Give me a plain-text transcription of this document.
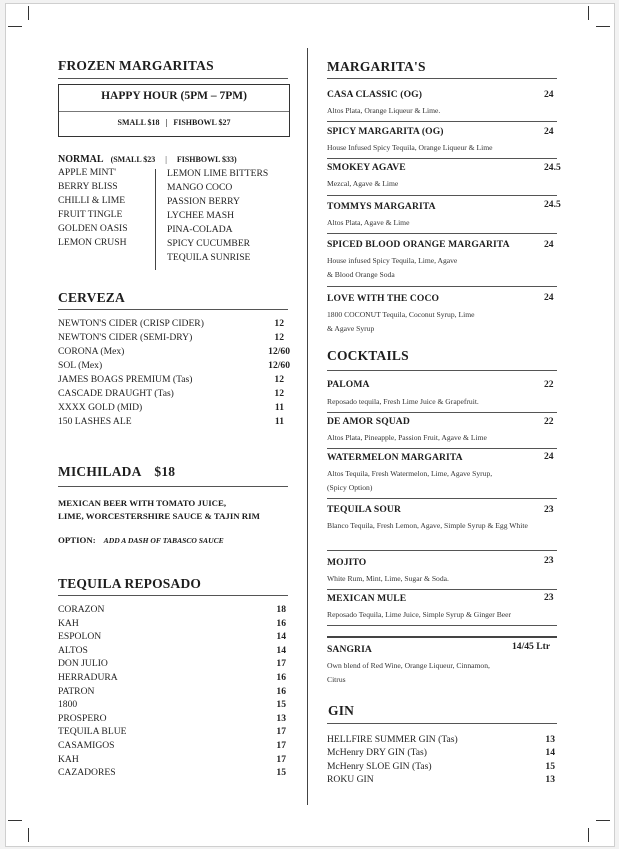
FROZEN MARGARITAS
HAPPY HOUR (5PM – 7PM)
SMALL $18 | FISHBOWL $27
NORMAL (SMALL $23 | FISHBOWL $33)
APPLE MINT'
BERRY BLISS
CHILLI & LIME
FRUIT TINGLE
GOLDEN OASIS
LEMON CRUSH
LEMON LIME BITTERS
MANGO COCO
PASSION BERRY
LYCHEE MASH
PINA-COLADA
SPICY CUCUMBER
TEQUILA SUNRISE
CERVEZA
NEWTON'S CIDER (CRISP CIDER)	12
NEWTON'S CIDER (SEMI-DRY)	12
CORONA (Mex)	12/60
SOL (Mex)	12/60
JAMES BOAGS PREMIUM (Tas)	12
CASCADE DRAUGHT (Tas)	12
XXXX GOLD (MID)	11
150 LASHES ALE	11
MICHILADA $18
MEXICAN BEER WITH TOMATO JUICE,
LIME, WORCESTERSHIRE SAUCE & TAJIN RIM
OPTION: ADD A DASH OF TABASCO SAUCE
TEQUILA REPOSADO
CORAZON	18
KAH	16
ESPOLON	14
ALTOS	14
DON JULIO	17
HERRADURA	16
PATRON	16
1800	15
PROSPERO	13
TEQUILA BLUE	17
CASAMIGOS	17
KAH	17
CAZADORES	15
MARGARITA'S
CASA CLASSIC (OG)	24
Altos Plata, Orange Liqueur & Lime.
SPICY MARGARITA (OG)	24
House Infused Spicy Tequila, Orange Liqueur & Lime
SMOKEY AGAVE	24.5
Mezcal, Agave & Lime
TOMMYS MARGARITA	24.5
Altos Plata, Agave & Lime
SPICED BLOOD ORANGE MARGARITA	24
House infused Spicy Tequila, Lime, Agave
& Blood Orange Soda
LOVE WITH THE COCO	24
1800 COCONUT Tequila, Coconut Syrup, Lime
& Agave Syrup
COCKTAILS
PALOMA	22
Reposado tequila, Fresh Lime Juice & Grapefruit.
DE AMOR SQUAD	22
Altos Plata, Pineapple, Passion Fruit, Agave & Lime
WATERMELON MARGARITA	24
Altos Tequila, Fresh Watermelon, Lime, Agave Syrup,
(Spicy Option)
TEQUILA SOUR	23
Blanco Tequila, Fresh Lemon, Agave, Simple Syrup & Egg White
MOJITO	23
White Rum, Mint, Lime, Sugar & Soda.
MEXICAN MULE	23
Reposado Tequila, Lime Juice, Simple Syrup & Ginger Beer
SANGRIA	14/45 Ltr
Own blend of Red Wine, Orange Liqueur, Cinnamon,
Citrus
GIN
HELLFIRE SUMMER GIN (Tas)	13
McHenry DRY GIN (Tas)	14
McHenry SLOE GIN (Tas)	15
ROKU GIN	13
